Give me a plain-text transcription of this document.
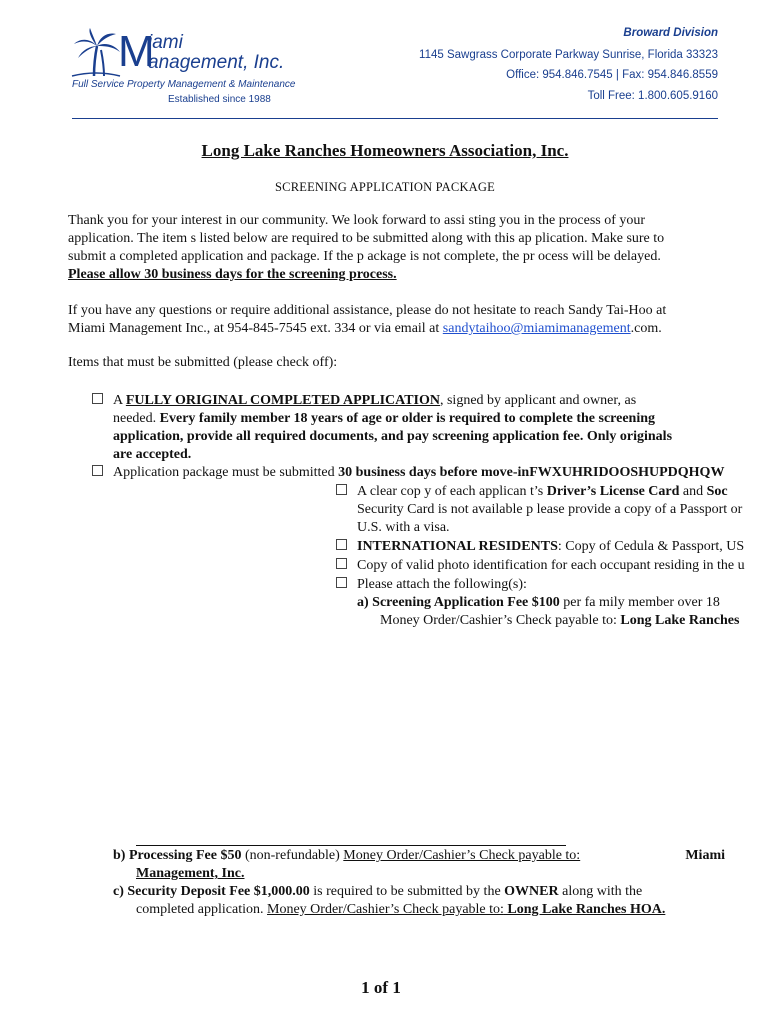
M
iami
anagement, Inc.
Full Service Property Management & Maintenance
Established since 1988
Broward Division
1145 Sawgrass Corporate Parkway Sunrise, Florida 33323
Office: 954.846.7545 | Fax: 954.846.8559
Toll Free: 1.800.605.9160
Long Lake Ranches Homeowners Association, Inc.
SCREENING APPLICATION PACKAGE
Thank you for your interest in our community. We look forward to assi sting you in the process of your
application. The item s listed below are required to be submitted along with this ap plication. Make sure to
submit a completed application and package. If the p ackage is not complete, the pr ocess will be delayed.
Please allow 30 business days for the screening process.
If you have any questions or require additional assistance, please do not hesitate to reach Sandy Tai-Hoo at
Miami Management Inc., at 954-845-7545 ext. 334 or via email at sandytaihoo@miamimanagement.com.
Items that must be submitted (please check off):
A FULLY ORIGINAL COMPLETED APPLICATION, signed by applicant and owner, as
needed. Every family member 18 years of age or older is required to complete the screening
application, provide all required documents, and pay screening application fee. Only originals
are accepted.
Application package must be submitted 30 business days before move-inFWXUHRIDOOSHUPDQHQW
A clear cop y of each applican t’s Driver’s License Card and Soc
Security Card is not available p lease provide a copy of a Passport or
U.S. with a visa.
INTERNATIONAL RESIDENTS: Copy of Cedula & Passport, US
Copy of valid photo identification for each occupant residing in the u
Please attach the following(s):
a) Screening Application Fee $100 per fa mily member over 18
Money Order/Cashier’s Check payable to: Long Lake Ranches
b) Processing Fee $50 (non-refundable) Money Order/Cashier’s Check payable to:	Miami
Management, Inc.
c) Security Deposit Fee $1,000.00 is required to be submitted by the OWNER along with the
completed application. Money Order/Cashier’s Check payable to: Long Lake Ranches HOA.
1 of 1
